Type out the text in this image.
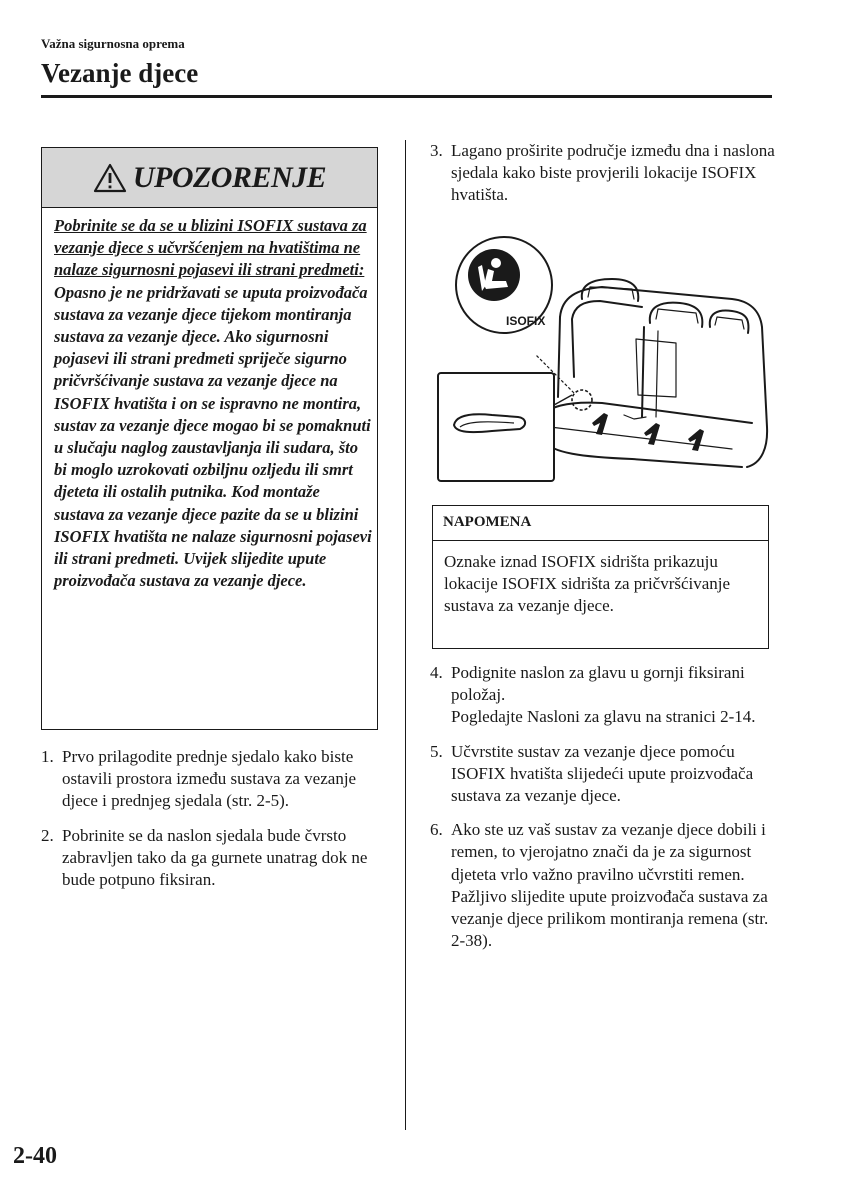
Važna sigurnosna oprema
Vezanje djece
UPOZORENJE
Pobrinite se da se u blizini ISOFIX sustava za vezanje djece s učvršćenjem na hvatištima ne nalaze sigurnosni pojasevi ili strani predmeti:
Opasno je ne pridržavati se uputa proizvođača sustava za vezanje djece tijekom montiranja sustava za vezanje djece. Ako sigurnosni pojasevi ili strani predmeti spriječe sigurno pričvršćivanje sustava za vezanje djece na ISOFIX hvatišta i on se ispravno ne montira, sustav za vezanje djece mogao bi se pomaknuti u slučaju naglog zaustavljanja ili sudara, što bi moglo uzrokovati ozbiljnu ozljedu ili smrt djeteta ili ostalih putnika. Kod montaže sustava za vezanje djece pazite da se u blizini ISOFIX hvatišta ne nalaze sigurnosni pojasevi ili strani predmeti. Uvijek slijedite upute proizvođača sustava za vezanje djece.
1. Prvo prilagodite prednje sjedalo kako biste ostavili prostora između sustava za vezanje djece i prednjeg sjedala (str. 2-5).
2. Pobrinite se da naslon sjedala bude čvrsto zabravljen tako da ga gurnete unatrag dok ne bude potpuno fiksiran.
3. Lagano proširite područje između dna i naslona sjedala kako biste provjerili lokacije ISOFIX hvatišta.
ISOFIX
NAPOMENA
Oznake iznad ISOFIX sidrišta prikazuju lokacije ISOFIX sidrišta za pričvršćivanje sustava za vezanje djece.
4. Podignite naslon za glavu u gornji fiksirani položaj.
Pogledajte Nasloni za glavu na stranici 2-14.
5. Učvrstite sustav za vezanje djece pomoću ISOFIX hvatišta slijedeći upute proizvođača sustava za vezanje djece.
6. Ako ste uz vaš sustav za vezanje djece dobili i remen, to vjerojatno znači da je za sigurnost djeteta vrlo važno pravilno učvrstiti remen. Pažljivo slijedite upute proizvođača sustava za vezanje djece prilikom montiranja remena (str. 2-38).
2-40
